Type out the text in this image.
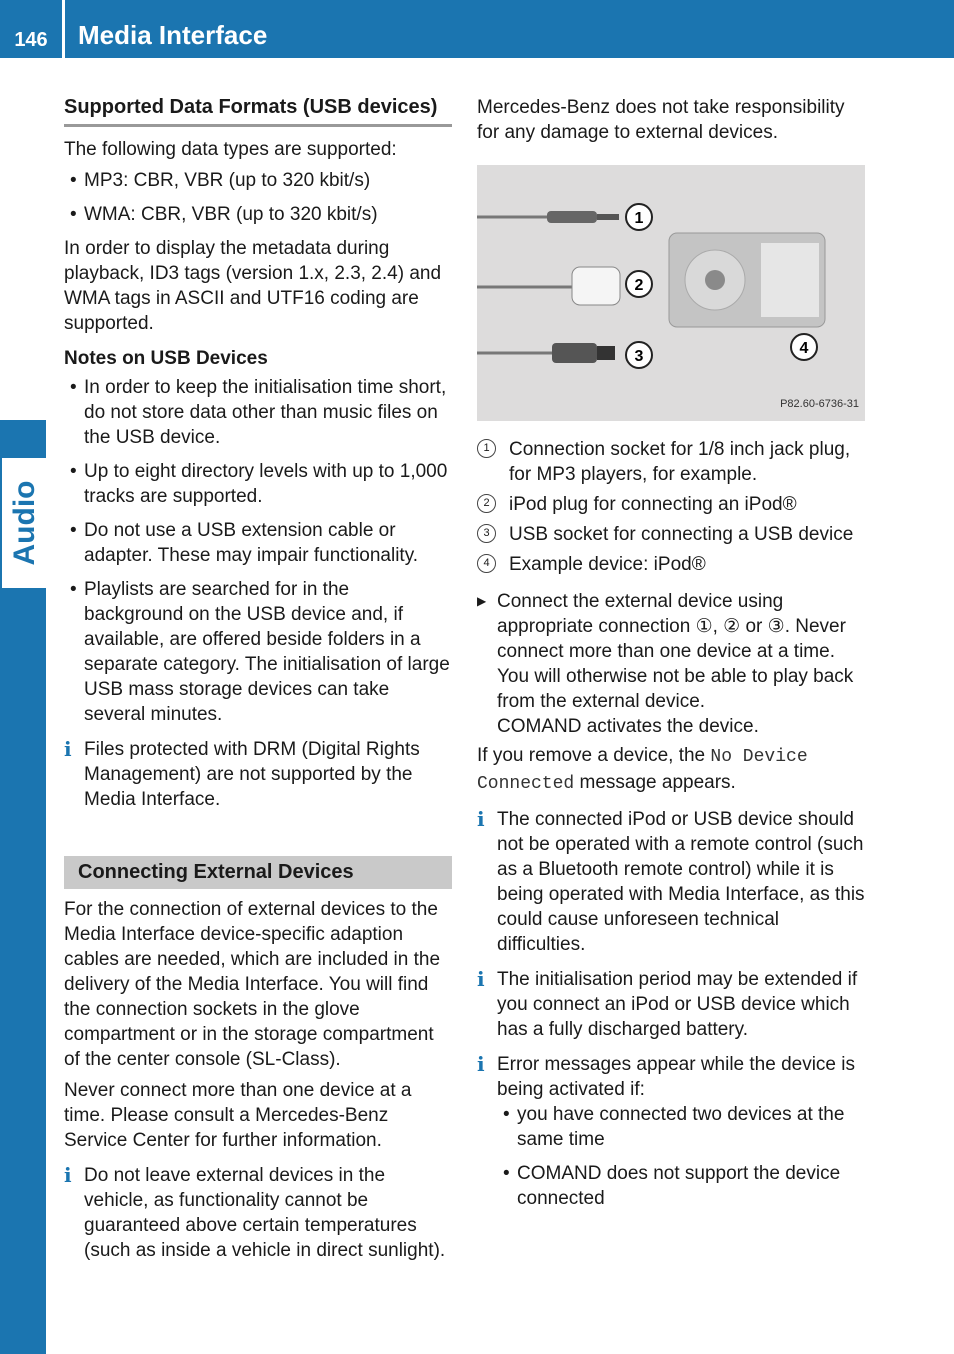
146	Media Interface
Audio
Supported Data Formats (USB devices)

The following data types are supported:

• MP3: CBR, VBR (up to 320 kbit/s)
• WMA: CBR, VBR (up to 320 kbit/s)

In order to display the metadata during playback, ID3 tags (version 1.x, 2.3, 2.4) and WMA tags in ASCII and UTF16 coding are supported.

Notes on USB Devices
• In order to keep the initialisation time short, do not store data other than music files on the USB device.
• Up to eight directory levels with up to 1,000 tracks are supported.
• Do not use a USB extension cable or adapter. These may impair functionality.
• Playlists are searched for in the background on the USB device and, if available, are offered beside folders in a separate category. The initialisation of large USB mass storage devices can take several minutes.
i Files protected with DRM (Digital Rights Management) are not supported by the Media Interface.
Connecting External Devices

For the connection of external devices to the Media Interface device-specific adaption cables are needed, which are included in the delivery of the Media Interface. You will find the connection sockets in the glove compartment or in the storage compartment of the center console (SL-Class).

Never connect more than one device at a time. Please consult a Mercedes-Benz Service Center for further information.

i Do not leave external devices in the vehicle, as functionality cannot be guaranteed above certain temperatures (such as inside a vehicle in direct sunlight).

Mercedes-Benz does not take responsibility for any damage to external devices.

1
2
3	4
P82.60-6736-31
1	Connection socket for 1/8 inch jack plug, for MP3 players, for example.
2	iPod plug for connecting an iPod®
3	USB socket for connecting a USB device
4	Example device: iPod®
▶ Connect the external device using appropriate connection ①, ② or ③. Never connect more than one device at a time. You will otherwise not be able to play back from the external device.
COMAND activates the device.

If you remove a device, the No Device Connected message appears.

i The connected iPod or USB device should not be operated with a remote control (such as a Bluetooth remote control) while it is being operated with Media Interface, as this could cause unforeseen technical difficulties.
i The initialisation period may be extended if you connect an iPod or USB device which has a fully discharged battery.
i Error messages appear while the device is being activated if:
• you have connected two devices at the same time
• COMAND does not support the device connected
